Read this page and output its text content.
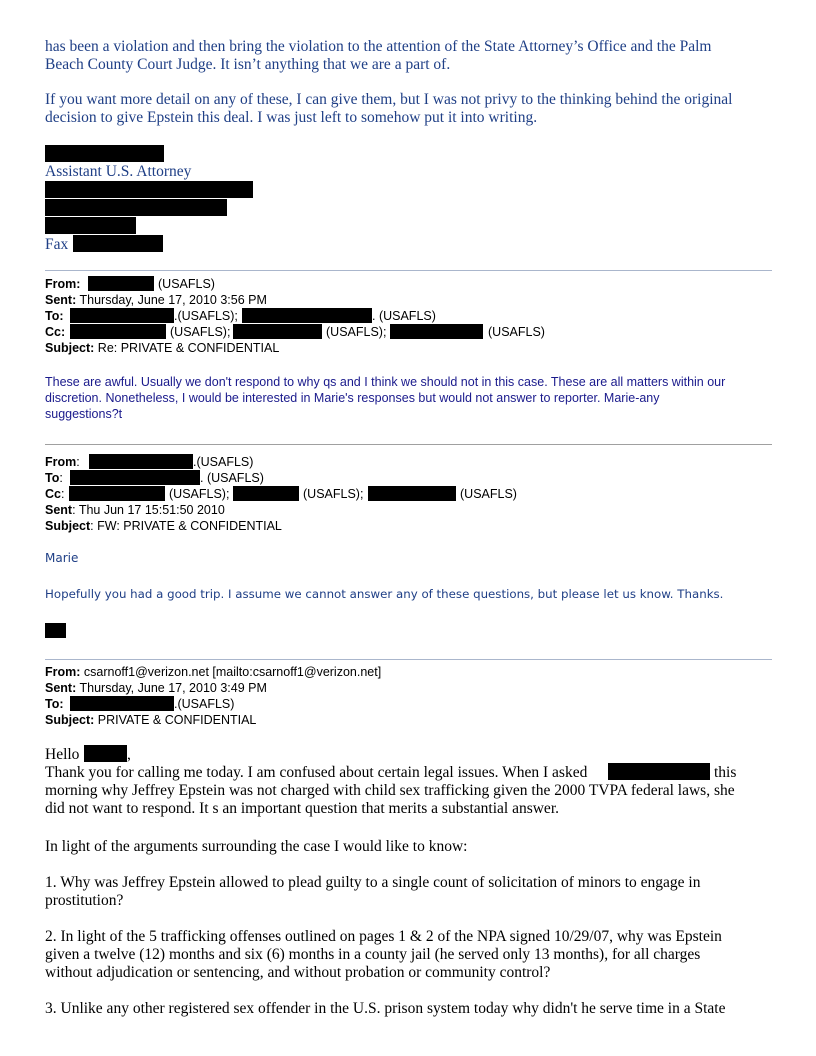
has been a violation and then bring the violation to the attention of the State Attorney’s Office and the Palm
Beach County Court Judge. It isn’t anything that we are a part of.
If you want more detail on any of these, I can give them, but I was not privy to the thinking behind the original
decision to give Epstein this deal. I was just left to somehow put it into writing.
Assistant U.S. Attorney
Fax
From:	(USAFLS)
Sent: Thursday, June 17, 2010 3:56 PM
To:	.(USAFLS);	. (USAFLS)
Cc:	(USAFLS);	(USAFLS);	(USAFLS)
Subject: Re: PRIVATE & CONFIDENTIAL
These are awful. Usually we don't respond to why qs and I think we should not in this case. These are all matters within our
discretion. Nonetheless, I would be interested in Marie's responses but would not answer to reporter. Marie-any
suggestions?t
From:	.(USAFLS)
To:	. (USAFLS)
Cc:	(USAFLS);	(USAFLS);	(USAFLS)
Sent: Thu Jun 17 15:51:50 2010
Subject: FW: PRIVATE & CONFIDENTIAL
Marie
Hopefully you had a good trip. I assume we cannot answer any of these questions, but please let us know. Thanks.
From: csarnoff1@verizon.net [mailto:csarnoff1@verizon.net]
Sent: Thursday, June 17, 2010 3:49 PM
To:	.(USAFLS)
Subject: PRIVATE & CONFIDENTIAL
Hello	,
Thank you for calling me today. I am confused about certain legal issues. When I asked	this
morning why Jeffrey Epstein was not charged with child sex trafficking given the 2000 TVPA federal laws, she
did not want to respond. It s an important question that merits a substantial answer.
In light of the arguments surrounding the case I would like to know:
1. Why was Jeffrey Epstein allowed to plead guilty to a single count of solicitation of minors to engage in
prostitution?
2. In light of the 5 trafficking offenses outlined on pages 1 & 2 of the NPA signed 10/29/07, why was Epstein
given a twelve (12) months and six (6) months in a county jail (he served only 13 months), for all charges
without adjudication or sentencing, and without probation or community control?
3. Unlike any other registered sex offender in the U.S. prison system today why didn't he serve time in a State
